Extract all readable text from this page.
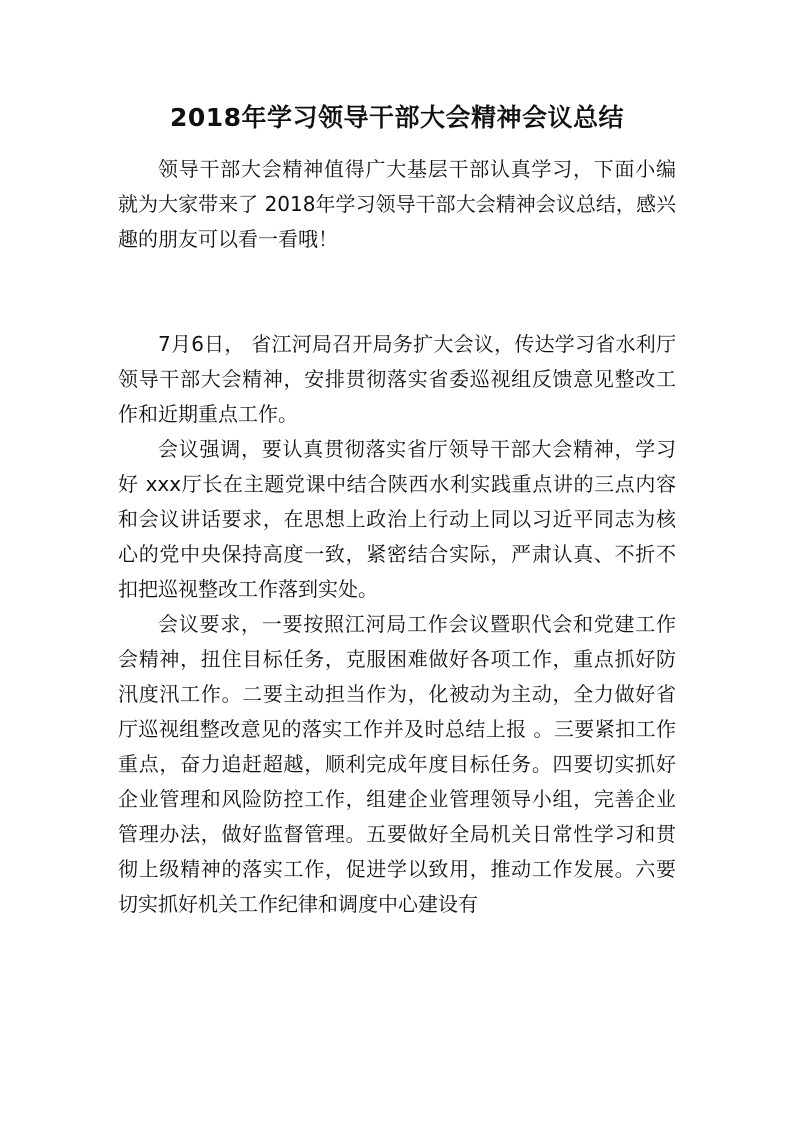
2018年学习领导干部大会精神会议总结

领导干部大会精神值得广大基层干部认真学习，下面小编就为大家带来了 2018年学习领导干部大会精神会议总结，感兴趣的朋友可以看一看哦！

7月6日， 省江河局召开局务扩大会议，传达学习省水利厅领导干部大会精神，安排贯彻落实省委巡视组反馈意见整改工作和近期重点工作。

会议强调，要认真贯彻落实省厅领导干部大会精神，学习好 xxx厅长在主题党课中结合陕西水利实践重点讲的三点内容和会议讲话要求，在思想上政治上行动上同以习近平同志为核心的党中央保持高度一致，紧密结合实际，严肃认真、不折不扣把巡视整改工作落到实处。

会议要求，一要按照江河局工作会议暨职代会和党建工作会精神，扭住目标任务，克服困难做好各项工作，重点抓好防汛度汛工作。二要主动担当作为，化被动为主动，全力做好省厅巡视组整改意见的落实工作并及时总结上报 。三要紧扣工作重点，奋力追赶超越，顺利完成年度目标任务。四要切实抓好企业管理和风险防控工作，组建企业管理领导小组，完善企业管理办法，做好监督管理。五要做好全局机关日常性学习和贯彻上级精神的落实工作，促进学以致用，推动工作发展。六要切实抓好机关工作纪律和调度中心建设有
